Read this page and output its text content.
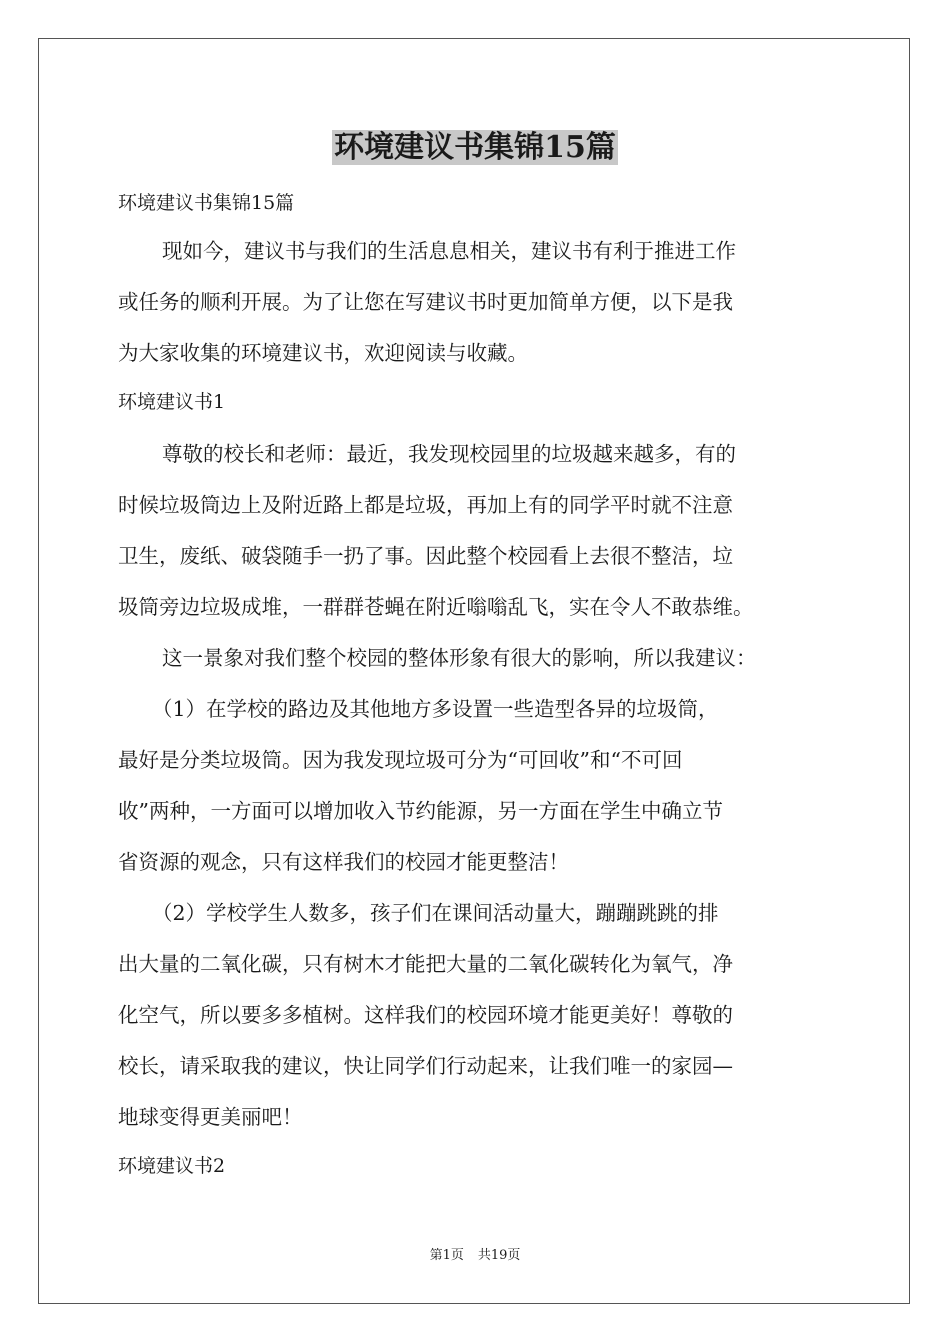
环境建议书集锦15篇
环境建议书集锦15篇
现如今，建议书与我们的生活息息相关，建议书有利于推进工作
或任务的顺利开展。为了让您在写建议书时更加简单方便，以下是我
为大家收集的环境建议书，欢迎阅读与收藏。
环境建议书1
尊敬的校长和老师：最近，我发现校园里的垃圾越来越多，有的
时候垃圾筒边上及附近路上都是垃圾，再加上有的同学平时就不注意
卫生，废纸、破袋随手一扔了事。因此整个校园看上去很不整洁，垃
圾筒旁边垃圾成堆，一群群苍蝇在附近嗡嗡乱飞，实在令人不敢恭维。
这一景象对我们整个校园的整体形象有很大的影响，所以我建议：
（1）在学校的路边及其他地方多设置一些造型各异的垃圾筒，
最好是分类垃圾筒。因为我发现垃圾可分为“可回收”和“不可回
收”两种，一方面可以增加收入节约能源，另一方面在学生中确立节
省资源的观念，只有这样我们的校园才能更整洁！
（2）学校学生人数多，孩子们在课间活动量大，蹦蹦跳跳的排
出大量的二氧化碳，只有树木才能把大量的二氧化碳转化为氧气，净
化空气，所以要多多植树。这样我们的校园环境才能更美好！尊敬的
校长，请采取我的建议，快让同学们行动起来，让我们唯一的家园—
地球变得更美丽吧！
环境建议书2
第1页 共19页
